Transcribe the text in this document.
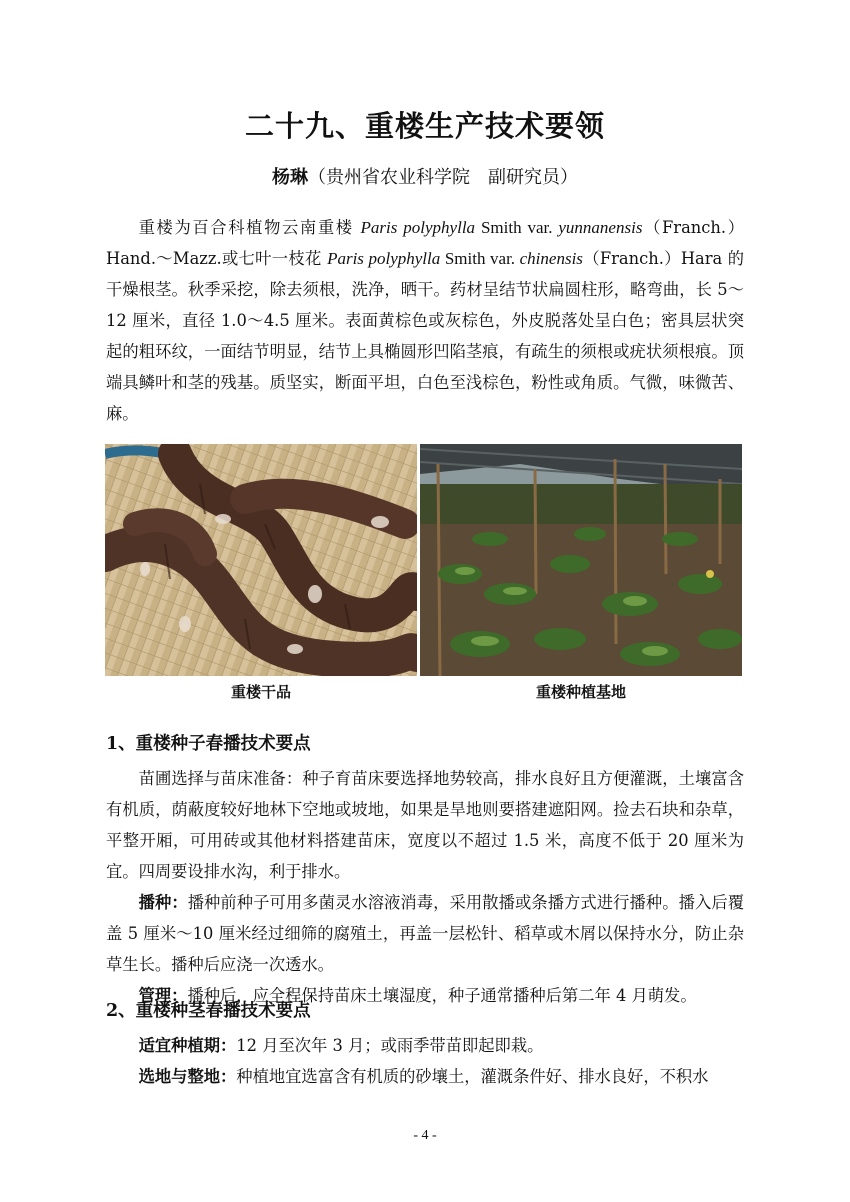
二十九、重楼生产技术要领
杨琳（贵州省农业科学院　副研究员）
重楼为百合科植物云南重楼 Paris polyphylla Smith var. yunnanensis（Franch.）Hand.～Mazz.或七叶一枝花 Paris polyphylla Smith var. chinensis（Franch.）Hara 的干燥根茎。秋季采挖，除去须根，洗净，晒干。药材呈结节状扁圆柱形，略弯曲，长 5～12 厘米，直径 1.0～4.5 厘米。表面黄棕色或灰棕色，外皮脱落处呈白色；密具层状突起的粗环纹，一面结节明显，结节上具椭圆形凹陷茎痕，有疏生的须根或疣状须根痕。顶端具鳞叶和茎的残基。质坚实，断面平坦，白色至浅棕色，粉性或角质。气微，味微苦、麻。
重楼干品	重楼种植基地
1、重楼种子春播技术要点

苗圃选择与苗床准备：种子育苗床要选择地势较高，排水良好且方便灌溉，土壤富含有机质，荫蔽度较好地林下空地或坡地，如果是旱地则要搭建遮阳网。捡去石块和杂草，平整开厢，可用砖或其他材料搭建苗床，宽度以不超过 1.5 米，高度不低于 20 厘米为宜。四周要设排水沟，利于排水。

播种：播种前种子可用多菌灵水溶液消毒，采用散播或条播方式进行播种。播入后覆盖 5 厘米～10 厘米经过细筛的腐殖土，再盖一层松针、稻草或木屑以保持水分，防止杂草生长。播种后应浇一次透水。

管理：播种后，应全程保持苗床土壤湿度，种子通常播种后第二年 4 月萌发。

2、重楼种茎春播技术要点

适宜种植期：12 月至次年 3 月；或雨季带苗即起即栽。

选地与整地：种植地宜选富含有机质的砂壤土，灌溉条件好、排水良好，不积水

- 4 -
